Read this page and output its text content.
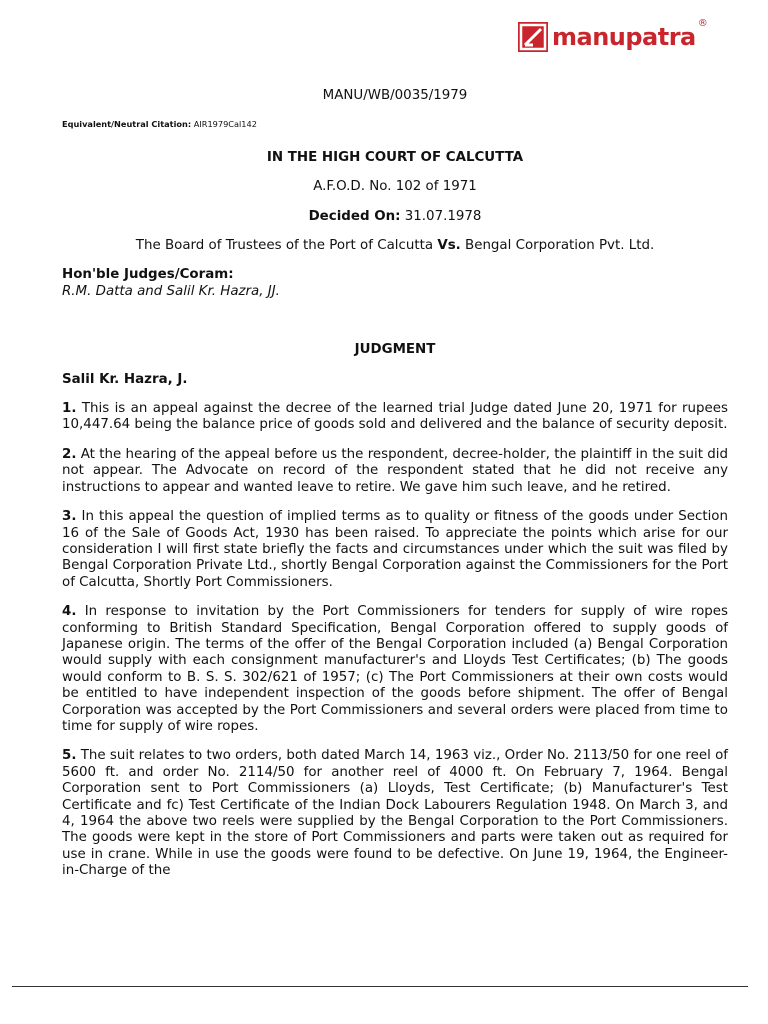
manupatra ®
MANU/WB/0035/1979
Equivalent/Neutral Citation: AIR1979Cal142
IN THE HIGH COURT OF CALCUTTA
A.F.O.D. No. 102 of 1971
Decided On: 31.07.1978
The Board of Trustees of the Port of Calcutta Vs. Bengal Corporation Pvt. Ltd.
Hon'ble Judges/Coram:
R.M. Datta and Salil Kr. Hazra, JJ.
JUDGMENT
Salil Kr. Hazra, J.

1. This is an appeal against the decree of the learned trial Judge dated June 20, 1971 for rupees 10,447.64 being the balance price of goods sold and delivered and the balance of security deposit.

2. At the hearing of the appeal before us the respondent, decree-holder, the plaintiff in the suit did not appear. The Advocate on record of the respondent stated that he did not receive any instructions to appear and wanted leave to retire. We gave him such leave, and he retired.

3. In this appeal the question of implied terms as to quality or fitness of the goods under Section 16 of the Sale of Goods Act, 1930 has been raised. To appreciate the points which arise for our consideration I will first state briefly the facts and circumstances under which the suit was filed by Bengal Corporation Private Ltd., shortly Bengal Corporation against the Commissioners for the Port of Calcutta, Shortly Port Commissioners.

4. In response to invitation by the Port Commissioners for tenders for supply of wire ropes conforming to British Standard Specification, Bengal Corporation offered to supply goods of Japanese origin. The terms of the offer of the Bengal Corporation included (a) Bengal Corporation would supply with each consignment manufacturer's and Lloyds Test Certificates; (b) The goods would conform to B. S. S. 302/621 of 1957; (c) The Port Commissioners at their own costs would be entitled to have independent inspection of the goods before shipment. The offer of Bengal Corporation was accepted by the Port Commissioners and several orders were placed from time to time for supply of wire ropes.

5. The suit relates to two orders, both dated March 14, 1963 viz., Order No. 2113/50 for one reel of 5600 ft. and order No. 2114/50 for another reel of 4000 ft. On February 7, 1964. Bengal Corporation sent to Port Commissioners (a) Lloyds, Test Certificate; (b) Manufacturer's Test Certificate and fc) Test Certificate of the Indian Dock Labourers Regulation 1948. On March 3, and 4, 1964 the above two reels were supplied by the Bengal Corporation to the Port Commissioners. The goods were kept in the store of Port Commissioners and parts were taken out as required for use in crane. While in use the goods were found to be defective. On June 19, 1964, the Engineer-in-Charge of the
